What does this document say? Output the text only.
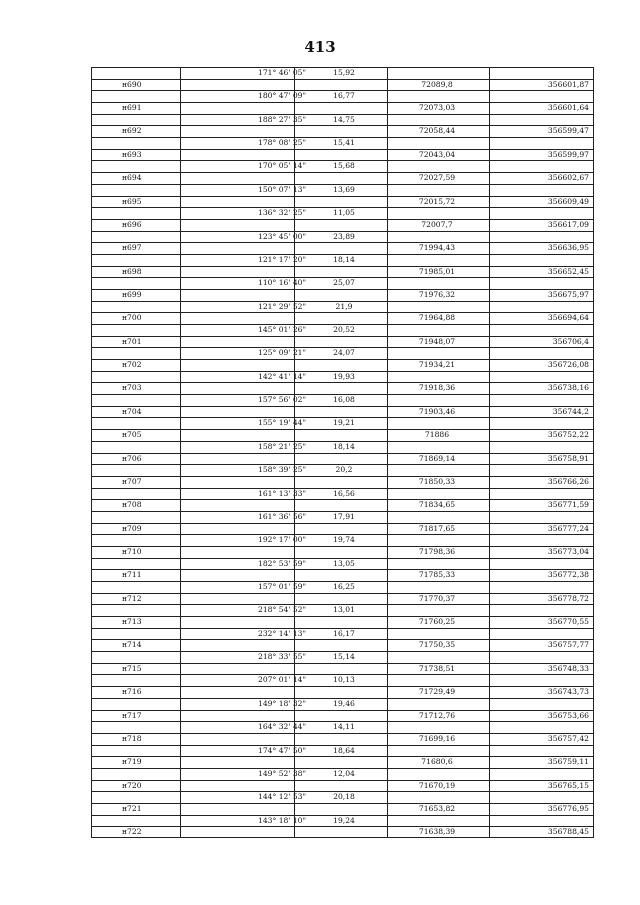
413
171° 46' 05"	15,92
н690	72089,8	356601,87
180° 47' 09"	16,77
н691	72073,03	356601,64
188° 27' 35"	14,75
н692	72058,44	356599,47
178° 08' 25"	15,41
н693	72043,04	356599,97
170° 05' 14"	15,68
н694	72027,59	356602,67
150° 07' 13"	13,69
н695	72015,72	356609,49
136° 32' 25"	11,05
н696	72007,7	356617,09
123° 45' 00"	23,89
н697	71994,43	356636,95
121° 17' 20"	18,14
н698	71985,01	356652,45
110° 16' 40"	25,07
н699	71976,32	356675,97
121° 29' 52"	21,9
н700	71964,88	356694,64
145° 01' 26"	20,52
н701	71948,07	356706,4
125° 09' 21"	24,07
н702	71934,21	356726,08
142° 41' 14"	19,93
н703	71918,36	356738,16
157° 56' 02"	16,08
н704	71903,46	356744,2
155° 19' 44"	19,21
н705	71886	356752,22
158° 21' 25"	18,14
н706	71869,14	356758,91
158° 39' 25"	20,2
н707	71850,33	356766,26
161° 13' 33"	16,56
н708	71834,65	356771,59
161° 36' 56"	17,91
н709	71817,65	356777,24
192° 17' 00"	19,74
н710	71798,36	356773,04
182° 53' 59"	13,05
н711	71785,33	356772,38
157° 01' 59"	16,25
н712	71770,37	356778,72
218° 54' 52"	13,01
н713	71760,25	356770,55
232° 14' 13"	16,17
н714	71750,35	356757,77
218° 33' 55"	15,14
н715	71738,51	356748,33
207° 01' 14"	10,13
н716	71729,49	356743,73
149° 18' 32"	19,46
н717	71712,76	356753,66
164° 32' 44"	14,11
н718	71699,16	356757,42
174° 47' 50"	18,64
н719	71680,6	356759,11
149° 52' 38"	12,04
н720	71670,19	356765,15
144° 12' 53"	20,18
н721	71653,82	356776,95
143° 18' 10"	19,24
н722	71638,39	356788,45
